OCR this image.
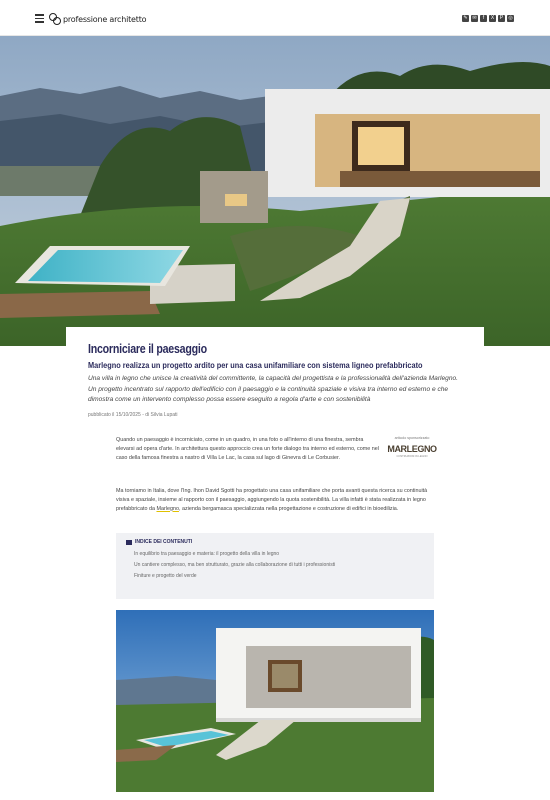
professione architetto	✎ ✉	f	X	P	◎
Incorniciare il paesaggio
Marlegno realizza un progetto ardito per una casa unifamiliare con sistema ligneo prefabbricato

Una villa in legno che unisce la creatività del committente, la capacità del progettista e la professionalità dell'azienda Marlegno. Un progetto incentrato sul rapporto dell'edificio con il paesaggio e la continuità spaziale e visiva tra interno ed esterno e che dimostra come un intervento complesso possa essere eseguito a regola d'arte e con sostenibilità

pubblicato il 15/10/2025 - di Silvia Lupati

Quando un paesaggio è incorniciato, come in un quadro, in una foto o all'interno di una finestra, sembra elevarsi ad opera d'arte. In architettura questo approccio crea un forte dialogo tra interno ed esterno, come nel caso della famosa finestra a nastro di Villa Le Lac, la casa sul lago di Ginevra di Le Corbusier.

articolo sponsorizzato
MARLEGNO
COSTRUZIONI IN LEGNO

Ma torniamo in Italia, dove l'Ing. Ihon David Sgotti ha progettato una casa unifamiliare che porta avanti questa ricerca su continuità visiva e spaziale, insieme al rapporto con il paesaggio, aggiungendo la quota sostenibilità. La villa infatti è stata realizzata in legno prefabbricato da Marlegno, azienda bergamasca specializzata nella progettazione e costruzione di edifici in bioedilizia.

INDICE DEI CONTENUTI
In equilibrio tra paesaggio e materia: il progetto della villa in legno
Un cantiere complesso, ma ben strutturato, grazie alla collaborazione di tutti i professionisti
Finiture e progetto del verde
